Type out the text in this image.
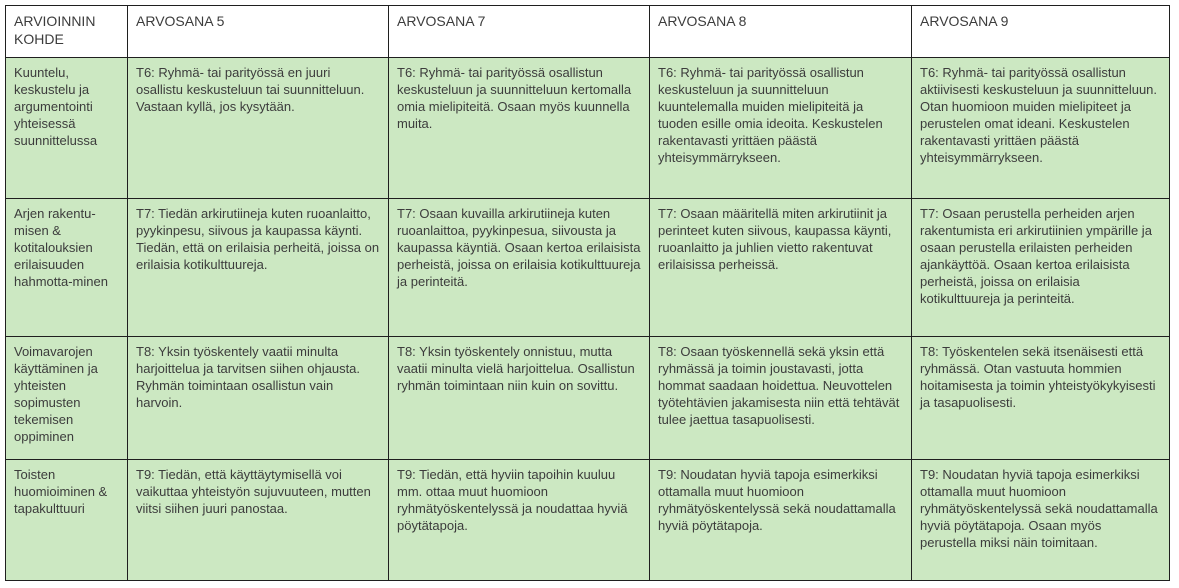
ARVIOINNIN KOHDE	ARVOSANA 5	ARVOSANA 7	ARVOSANA 8	ARVOSANA 9
Kuuntelu, keskustelu ja argumentointi yhteisessä suunnittelussa	T6: Ryhmä- tai parityössä en juuri osallistu keskusteluun tai suunnitteluun. Vastaan kyllä, jos kysytään.	T6: Ryhmä- tai parityössä osallistun keskusteluun ja suunnitteluun kertomalla omia mielipiteitä. Osaan myös kuunnella muita.	T6: Ryhmä- tai parityössä osallistun keskusteluun ja suunnitteluun kuuntelemalla muiden mielipiteitä ja tuoden esille omia ideoita. Keskustelen rakentavasti yrittäen päästä yhteisymmärrykseen.	T6: Ryhmä- tai parityössä osallistun aktiivisesti keskusteluun ja suunnitteluun. Otan huomioon muiden mielipiteet ja perustelen omat ideani. Keskustelen rakentavasti yrittäen päästä yhteisymmärrykseen.
Arjen rakentu-misen & kotitalouksien erilaisuuden hahmotta-minen	T7: Tiedän arkirutiineja kuten ruoanlaitto, pyykinpesu, siivous ja kaupassa käynti. Tiedän, että on erilaisia perheitä, joissa on erilaisia kotikulttuureja.	T7: Osaan kuvailla arkirutiineja kuten ruoanlaittoa, pyykinpesua, siivousta ja kaupassa käyntiä. Osaan kertoa erilaisista perheistä, joissa on erilaisia kotikulttuureja ja perinteitä.	T7: Osaan määritellä miten arkirutiinit ja perinteet kuten siivous, kaupassa käynti, ruoanlaitto ja juhlien vietto rakentuvat erilaisissa perheissä.	T7: Osaan perustella perheiden arjen rakentumista eri arkirutiinien ympärille ja osaan perustella erilaisten perheiden ajankäyttöä. Osaan kertoa erilaisista perheistä, joissa on erilaisia kotikulttuureja ja perinteitä.
Voimavarojen käyttäminen ja yhteisten sopimusten tekemisen oppiminen	T8: Yksin työskentely vaatii minulta harjoittelua ja tarvitsen siihen ohjausta. Ryhmän toimintaan osallistun vain harvoin.	T8: Yksin työskentely onnistuu, mutta vaatii minulta vielä harjoittelua. Osallistun ryhmän toimintaan niin kuin on sovittu.	T8: Osaan työskennellä sekä yksin että ryhmässä ja toimin joustavasti, jotta hommat saadaan hoidettua. Neuvottelen työtehtävien jakamisesta niin että tehtävät tulee jaettua tasapuolisesti.	T8: Työskentelen sekä itsenäisesti että ryhmässä. Otan vastuuta hommien hoitamisesta ja toimin yhteistyökykyisesti ja tasapuolisesti.
Toisten huomioiminen & tapakulttuuri	T9: Tiedän, että käyttäytymisellä voi vaikuttaa yhteistyön sujuvuuteen, mutten viitsi siihen juuri panostaa.	T9: Tiedän, että hyviin tapoihin kuuluu mm. ottaa muut huomioon ryhmätyöskentelyssä ja noudattaa hyviä pöytätapoja.	T9: Noudatan hyviä tapoja esimerkiksi ottamalla muut huomioon ryhmätyöskentelyssä sekä noudattamalla hyviä pöytätapoja.	T9: Noudatan hyviä tapoja esimerkiksi ottamalla muut huomioon ryhmätyöskentelyssä sekä noudattamalla hyviä pöytätapoja. Osaan myös perustella miksi näin toimitaan.
